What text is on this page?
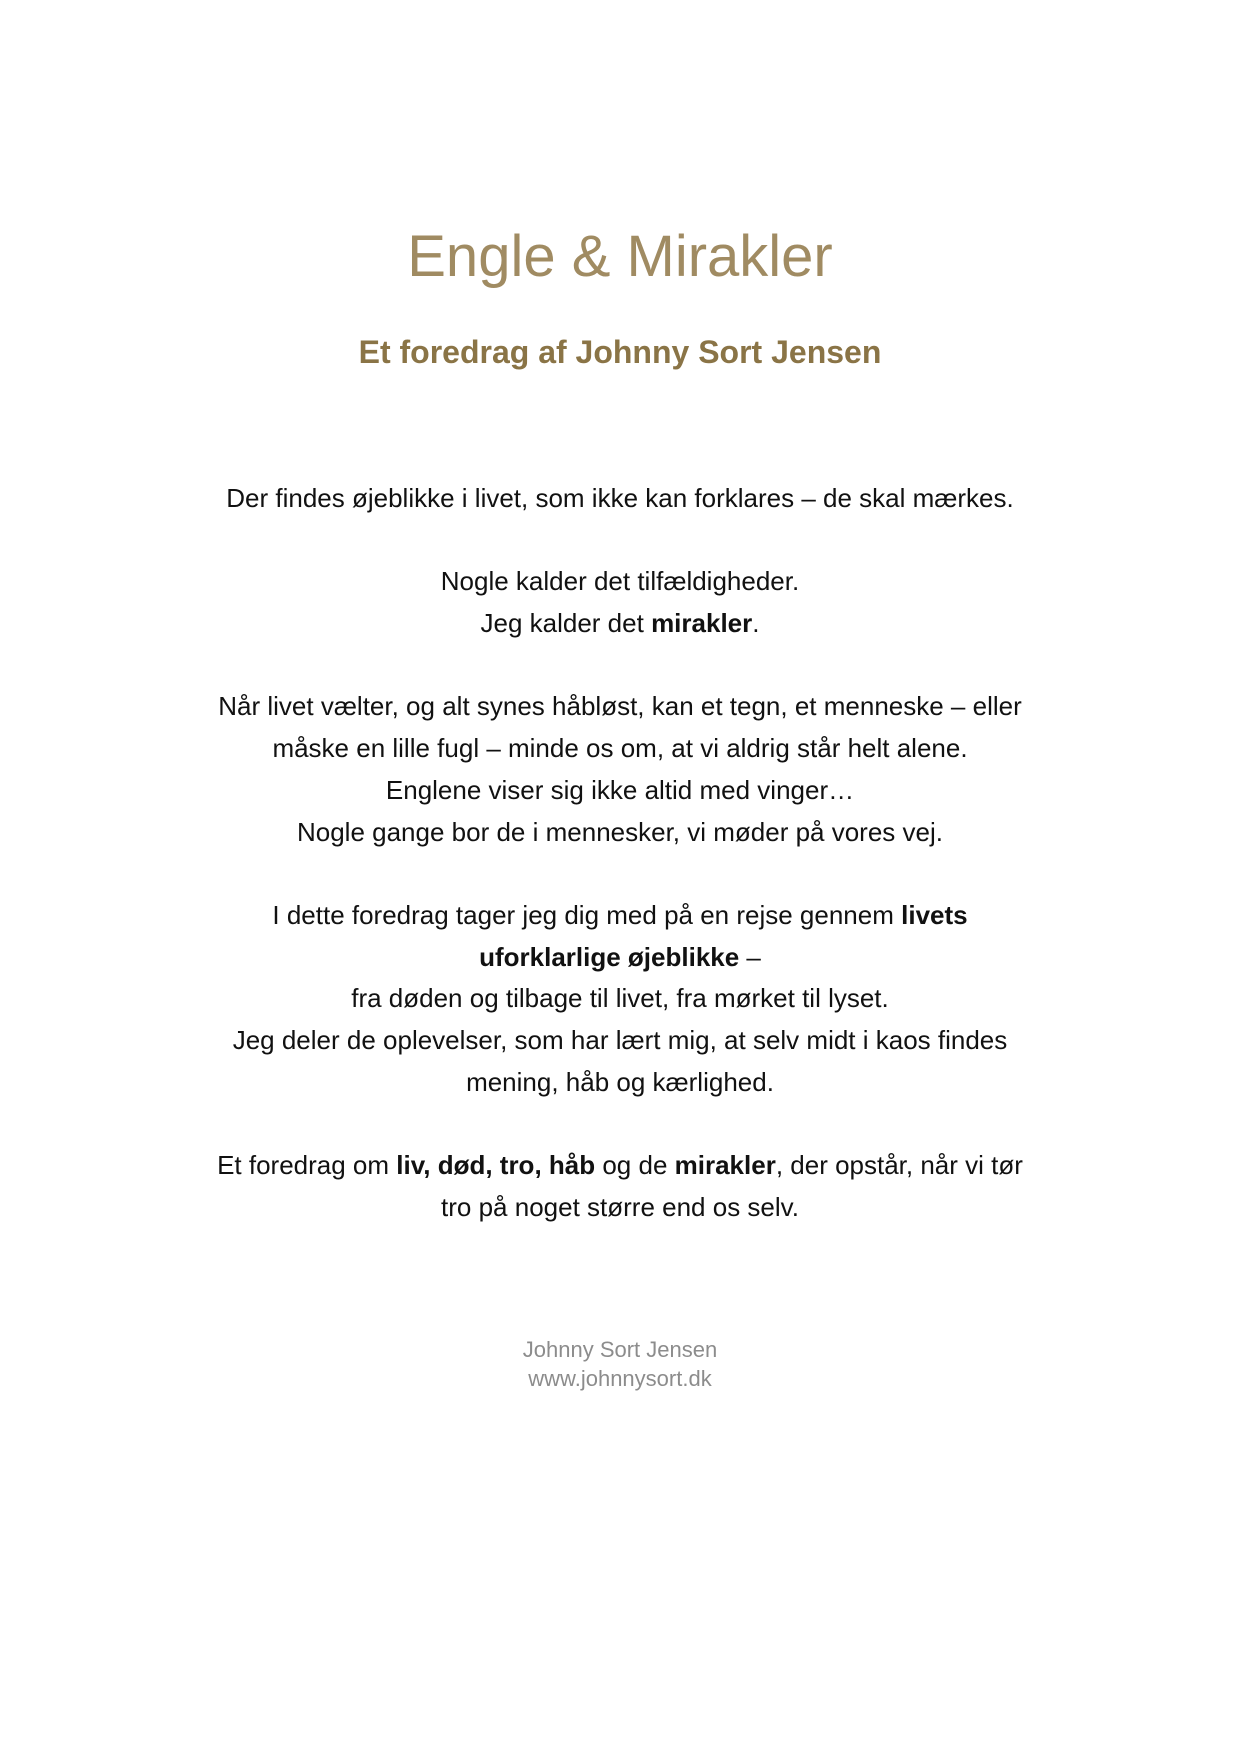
Engle & Mirakler
Et foredrag af Johnny Sort Jensen

Der findes øjeblikke i livet, som ikke kan forklares – de skal mærkes.

Nogle kalder det tilfældigheder.
Jeg kalder det mirakler.

Når livet vælter, og alt synes håbløst, kan et tegn, et menneske – eller
måske en lille fugl – minde os om, at vi aldrig står helt alene.
Englene viser sig ikke altid med vinger…
Nogle gange bor de i mennesker, vi møder på vores vej.

I dette foredrag tager jeg dig med på en rejse gennem livets
uforklarlige øjeblikke –
fra døden og tilbage til livet, fra mørket til lyset.
Jeg deler de oplevelser, som har lært mig, at selv midt i kaos findes
mening, håb og kærlighed.

Et foredrag om liv, død, tro, håb og de mirakler, der opstår, når vi tør
tro på noget større end os selv.

Johnny Sort Jensen
www.johnnysort.dk
